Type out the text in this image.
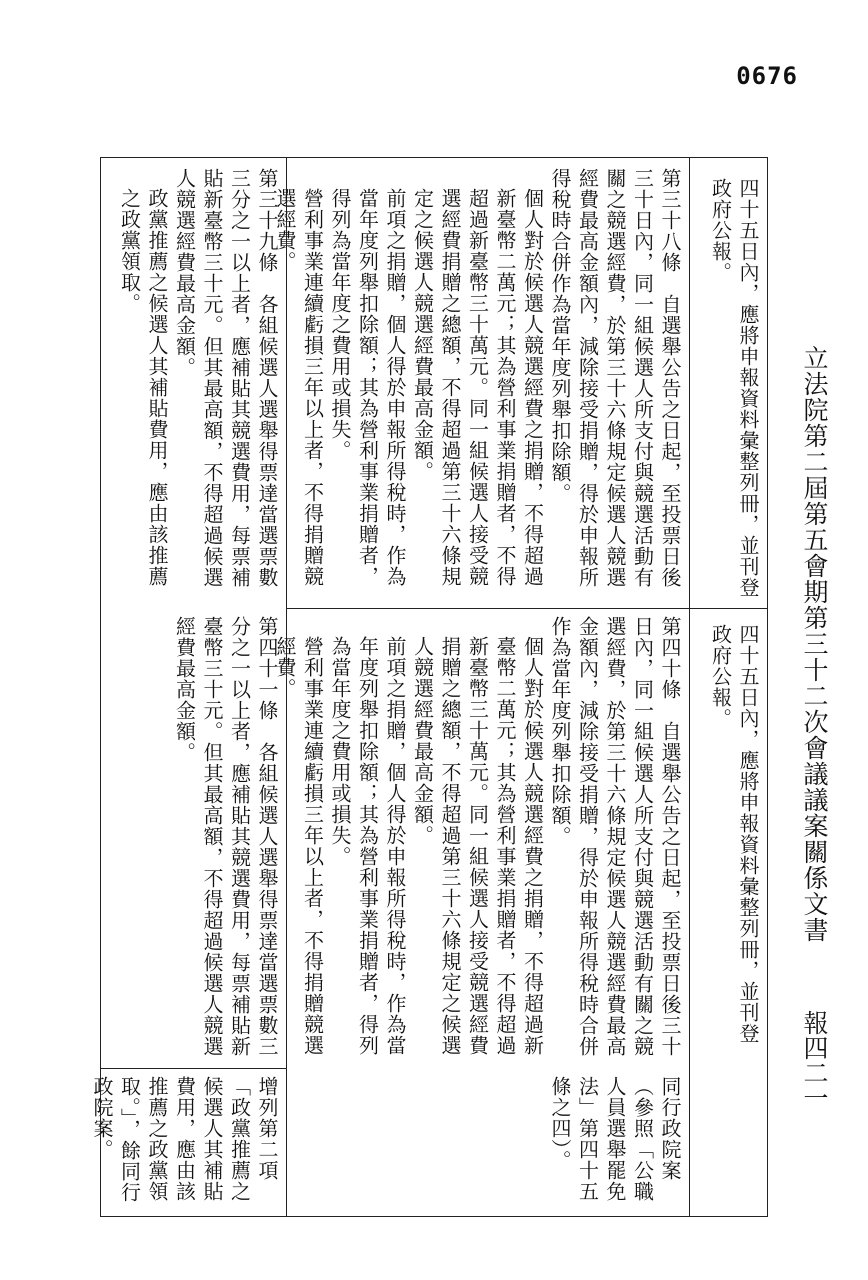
0676
立法院第二屆第五會期第三十二次會議議案關係文書
報四二一

四十五日內，應將申報資料彙整列冊，並刊登政府公報。

第三十八條　自選舉公告之日起，至投票日後三十日內，同一組候選人所支付與競選活動有關之競選經費，於第三十六條規定候選人競選經費最高金額內，減除接受捐贈，得於申報所得稅時合併作為當年度列舉扣除額。

個人對於候選人競選經費之捐贈，不得超過新臺幣二萬元；其為營利事業捐贈者，不得超過新臺幣三十萬元。同一組候選人接受競選經費捐贈之總額，不得超過第三十六條規定之候選人競選經費最高金額。

前項之捐贈，個人得於申報所得稅時，作為當年度列舉扣除額；其為營利事業捐贈者，得列為當年度之費用或損失。

營利事業連續虧損三年以上者，不得捐贈競選經費。

第三十九條　各組候選人選舉得票達當選票數三分之一以上者，應補貼其競選費用，每票補貼新臺幣三十元。但其最高額，不得超過候選人競選經費最高金額。

政黨推薦之候選人其補貼費用，應由該推薦之政黨領取。

四十五日內，應將申報資料彙整列冊，並刊登政府公報。

第四十條　自選舉公告之日起，至投票日後三十日內，同一組候選人所支付與競選活動有關之競選經費，於第三十六條規定候選人競選經費最高金額內，減除接受捐贈，得於申報所得稅時合併作為當年度列舉扣除額。

個人對於候選人競選經費之捐贈，不得超過新臺幣二萬元；其為營利事業捐贈者，不得超過新臺幣三十萬元。同一組候選人接受競選經費捐贈之總額，不得超過第三十六條規定之候選人競選經費最高金額。

前項之捐贈，個人得於申報所得稅時，作為當年度列舉扣除額；其為營利事業捐贈者，得列為當年度之費用或損失。

營利事業連續虧損三年以上者，不得捐贈競選經費。

第四十一條　各組候選人選舉得票達當選票數三分之一以上者，應補貼其競選費用，每票補貼新臺幣三十元。但其最高額，不得超過候選人競選經費最高金額。

同行政院案（參照「公職人員選舉罷免法」第四十五條之四）。

增列第二項「政黨推薦之候選人其補貼費用，應由該推薦之政黨領取。」，餘同行政院案。
